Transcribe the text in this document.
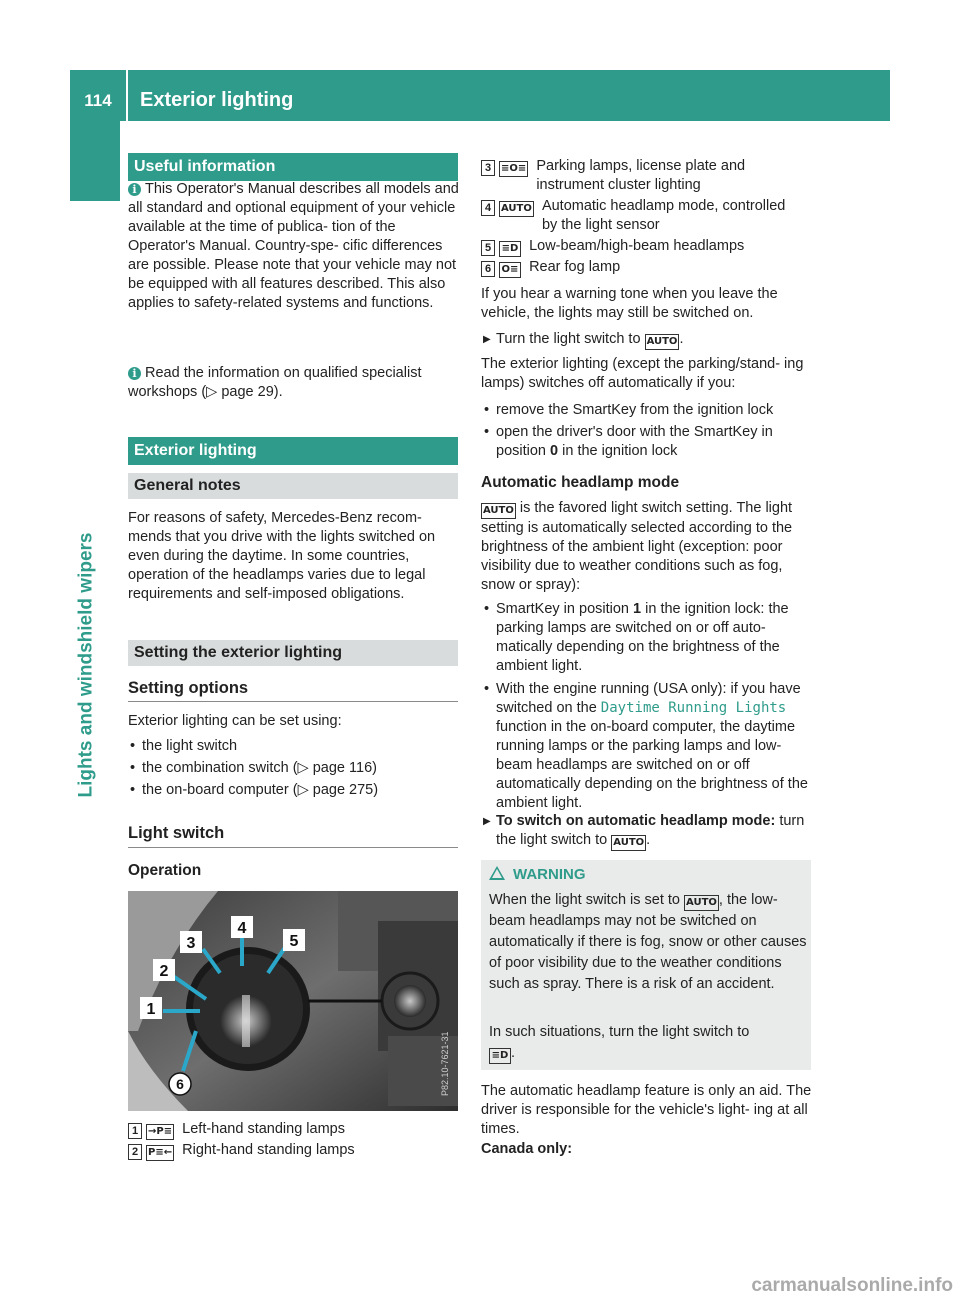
114	Exterior lighting
Lights and windshield wipers
Useful information
i This Operator's Manual describes all models and all standard and optional equipment of your vehicle available at the time of publica- tion of the Operator's Manual. Country-spe- cific differences are possible. Please note that your vehicle may not be equipped with all features described. This also applies to safety-related systems and functions.
i Read the information on qualified specialist workshops (▷ page 29).
Exterior lighting
General notes
For reasons of safety, Mercedes-Benz recom- mends that you drive with the lights switched on even during the daytime. In some countries, operation of the headlamps varies due to legal requirements and self-imposed obligations.
Setting the exterior lighting
Setting options
Exterior lighting can be set using:
• the light switch
• the combination switch (▷ page 116)
• the on-board computer (▷ page 275)
Light switch
Operation
1
2
3
4
5
6	P82.10-7621-31
1 →P≡ Left-hand standing lamps
2 P≡← Right-hand standing lamps
3 ≡O≡ Parking lamps, license plate and instrument cluster lighting
4 AUTO Automatic headlamp mode, controlled by the light sensor
5 ≡D Low-beam/high-beam headlamps
6 O≡ Rear fog lamp
If you hear a warning tone when you leave the vehicle, the lights may still be switched on.
▶ Turn the light switch to AUTO .
The exterior lighting (except the parking/stand- ing lamps) switches off automatically if you:
• remove the SmartKey from the ignition lock
• open the driver's door with the SmartKey in position 0 in the ignition lock
Automatic headlamp mode
AUTO is the favored light switch setting. The light setting is automatically selected according to the brightness of the ambient light (exception: poor visibility due to weather conditions such as fog, snow or spray):
• SmartKey in position 1 in the ignition lock: the parking lamps are switched on or off auto- matically depending on the brightness of the ambient light.
• With the engine running (USA only): if you have switched on the Daytime Running Lights function in the on-board computer, the daytime running lamps or the parking lamps and low-beam headlamps are switched on or off automatically depending on the brightness of the ambient light.
▶ To switch on automatic headlamp mode: turn the light switch to AUTO .
WARNING
When the light switch is set to AUTO , the low- beam headlamps may not be switched on automatically if there is fog, snow or other causes of poor visibility due to the weather conditions such as spray. There is a risk of an accident.
In such situations, turn the light switch to
≡D .
The automatic headlamp feature is only an aid. The driver is responsible for the vehicle's light- ing at all times.
Canada only:
carmanualsonline.info
